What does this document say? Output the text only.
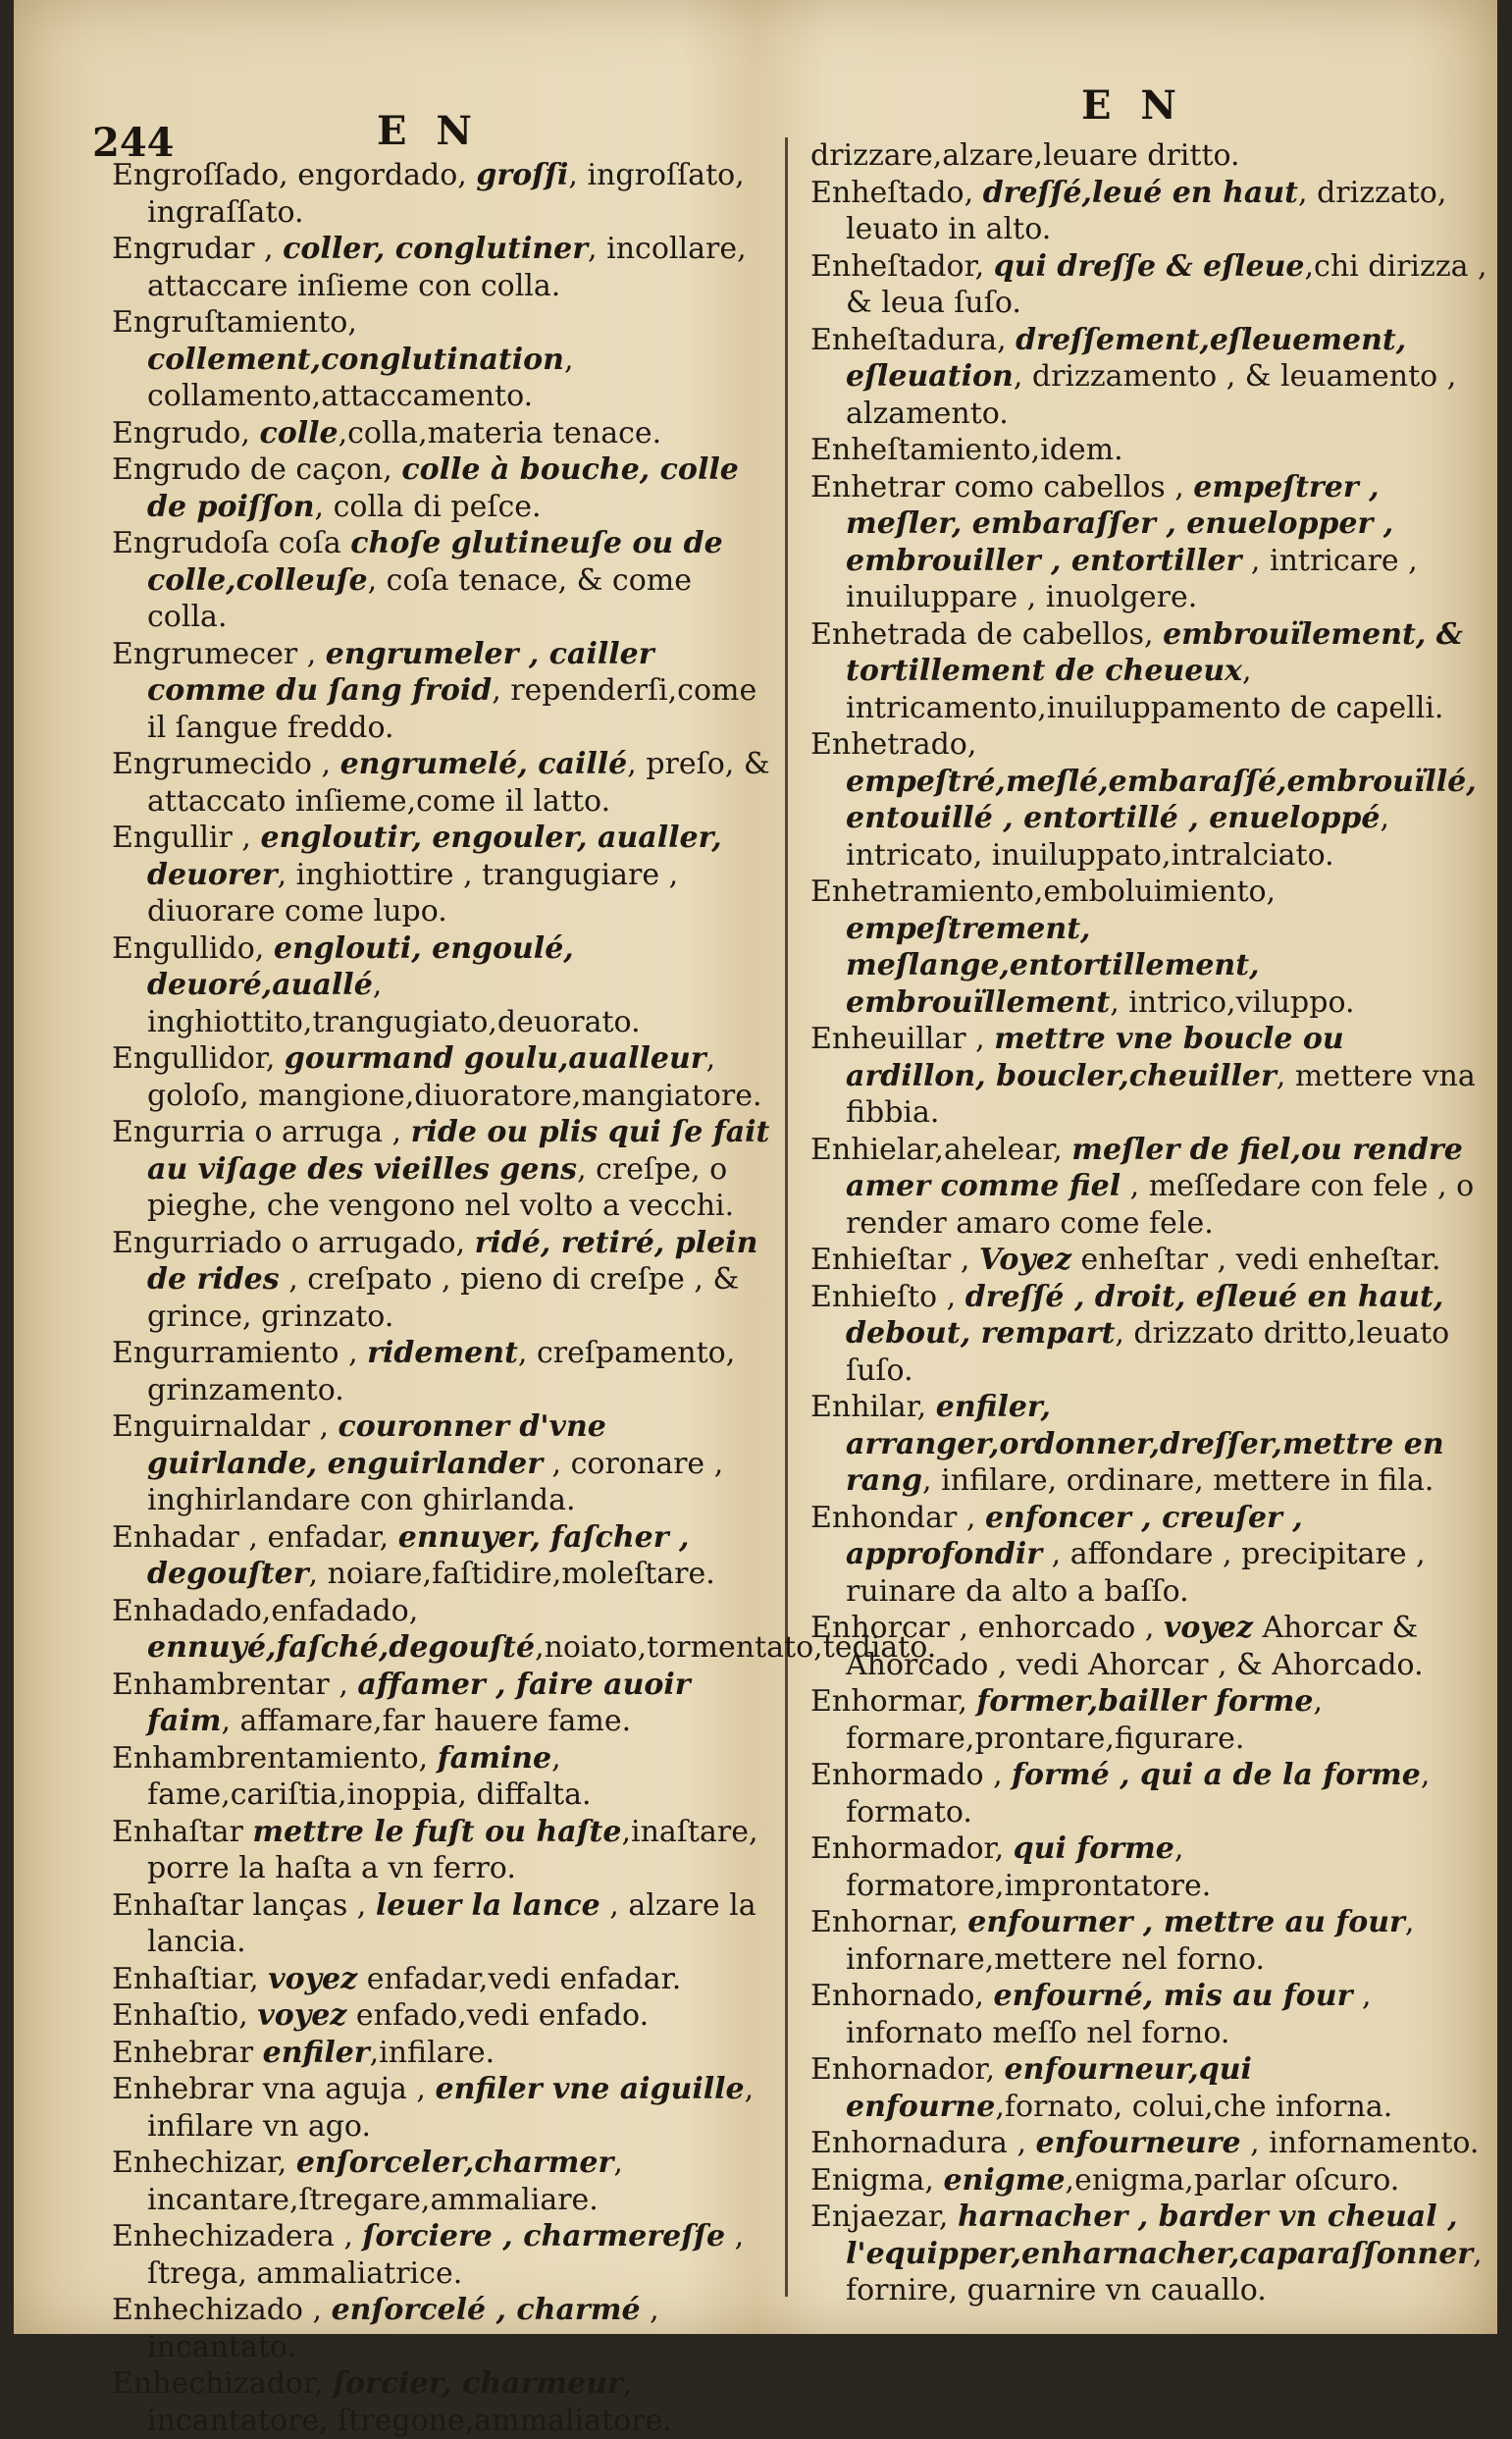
244	E N
E N

Engroſſado, engordado, groſſi, ingroſſato, ingraſſato.

Engrudar , coller, conglutiner, incollare, attaccare inſieme con colla.

Engruſtamiento, collement,conglutination, collamento,attaccamento.

Engrudo, colle,colla,materia tenace.

Engrudo de caçon, colle à bouche, colle de poiſſon, colla di peſce.

Engrudoſa coſa choſe glutineuſe ou de colle,colleuſe, coſa tenace, & come colla.

Engrumecer , engrumeler , cailler comme du ſang froid, rependerſi,come il ſangue freddo.

Engrumecido , engrumelé, caillé, preſo, & attaccato inſieme,come il latto.

Engullir , engloutir, engouler, aualler, deuorer, inghiottire , trangugiare , diuorare come lupo.

Engullido, englouti, engoulé, deuoré,auallé, inghiottito,trangugiato,deuorato.

Engullidor, gourmand goulu,aualleur, goloſo, mangione,diuoratore,mangiatore.

Engurria o arruga , ride ou plis qui ſe fait au viſage des vieilles gens, creſpe, o pieghe, che vengono nel volto a vecchi.

Engurriado o arrugado, ridé, retiré, plein de rides , creſpato , pieno di creſpe , & grince, grinzato.

Engurramiento , ridement, creſpamento, grinzamento.

Enguirnaldar , couronner d'vne guirlande, enguirlander , coronare , inghirlandare con ghirlanda.

Enhadar , enfadar, ennuyer, faſcher , degouſter, noiare,faſtidire,moleſtare.

Enhadado,enfadado, ennuyé,faſché,degouſté,noiato,tormentato,tediato.

Enhambrentar , affamer , faire auoir faim, affamare,far hauere fame.

Enhambrentamiento, famine, fame,cariſtia,inoppia, diffalta.

Enhaſtar mettre le fuſt ou haſte,inaſtare, porre la haſta a vn ferro.

Enhaſtar lanças , leuer la lance , alzare la lancia.

Enhaſtiar, voyez enfadar,vedi enfadar.

Enhaſtio, voyez enfado,vedi enfado.

Enhebrar enfiler,infilare.

Enhebrar vna aguja , enfiler vne aiguille, infilare vn ago.

Enhechizar, enſorceler,charmer, incantare,ſtregare,ammaliare.

Enhechizadera , ſorciere , charmereſſe , ſtrega, ammaliatrice.

Enhechizado , enſorcelé , charmé , incantato.

Enhechizador, ſorcier, charmeur, incantatore, ſtregone,ammaliatore.

drizzare,alzare,leuare dritto.

Enheſtado, dreſſé,leué en haut, drizzato, leuato in alto.

Enheſtador, qui dreſſe & eſleue,chi dirizza , & leua ſuſo.

Enheſtadura, dreſſement,eſleuement, eſleuation, drizzamento , & leuamento , alzamento.

Enheſtamiento,idem.

Enhetrar como cabellos , empeſtrer , meſler, embaraſſer , enuelopper , embrouiller , entortiller , intricare , inuiluppare , inuolgere.

Enhetrada de cabellos, embrouïlement, & tortillement de cheueux, intricamento,inuiluppamento de capelli.

Enhetrado, empeſtré,meſlé,embaraſſé,embrouïllé, entouillé , entortillé , enueloppé, intricato, inuiluppato,intralciato.

Enhetramiento,emboluimiento, empeſtrement, meſlange,entortillement, embrouïllement, intrico,viluppo.

Enheuillar , mettre vne boucle ou ardillon, boucler,cheuiller, mettere vna fibbia.

Enhielar,ahelear, meſler de fiel,ou rendre amer comme fiel , meſſedare con fele , o render amaro come fele.

Enhieſtar , Voyez enheſtar , vedi enheſtar.

Enhieſto , dreſſé , droit, eſleué en haut, debout, rempart, drizzato dritto,leuato ſuſo.

Enhilar, enfiler, arranger,ordonner,dreſſer,mettre en rang, infilare, ordinare, mettere in fila.

Enhondar , enfoncer , creuſer , approfondir , affondare , precipitare , ruinare da alto a baſſo.

Enhorcar , enhorcado , voyez Ahorcar & Ahorcado , vedi Ahorcar , & Ahorcado.

Enhormar, former,bailler forme, formare,prontare,figurare.

Enhormado , formé , qui a de la forme, formato.

Enhormador, qui forme, formatore,improntatore.

Enhornar, enfourner , mettre au four, infornare,mettere nel forno.

Enhornado, enfourné, mis au four , infornato meſſo nel forno.

Enhornador, enfourneur,qui enfourne,fornato, colui,che inforna.

Enhornadura , enfourneure , infornamento.

Enigma, enigme,enigma,parlar oſcuro.

Enjaezar, harnacher , barder vn cheual , l'equipper,enharnacher,caparaſſonner, fornire, guarnire vn cauallo.
